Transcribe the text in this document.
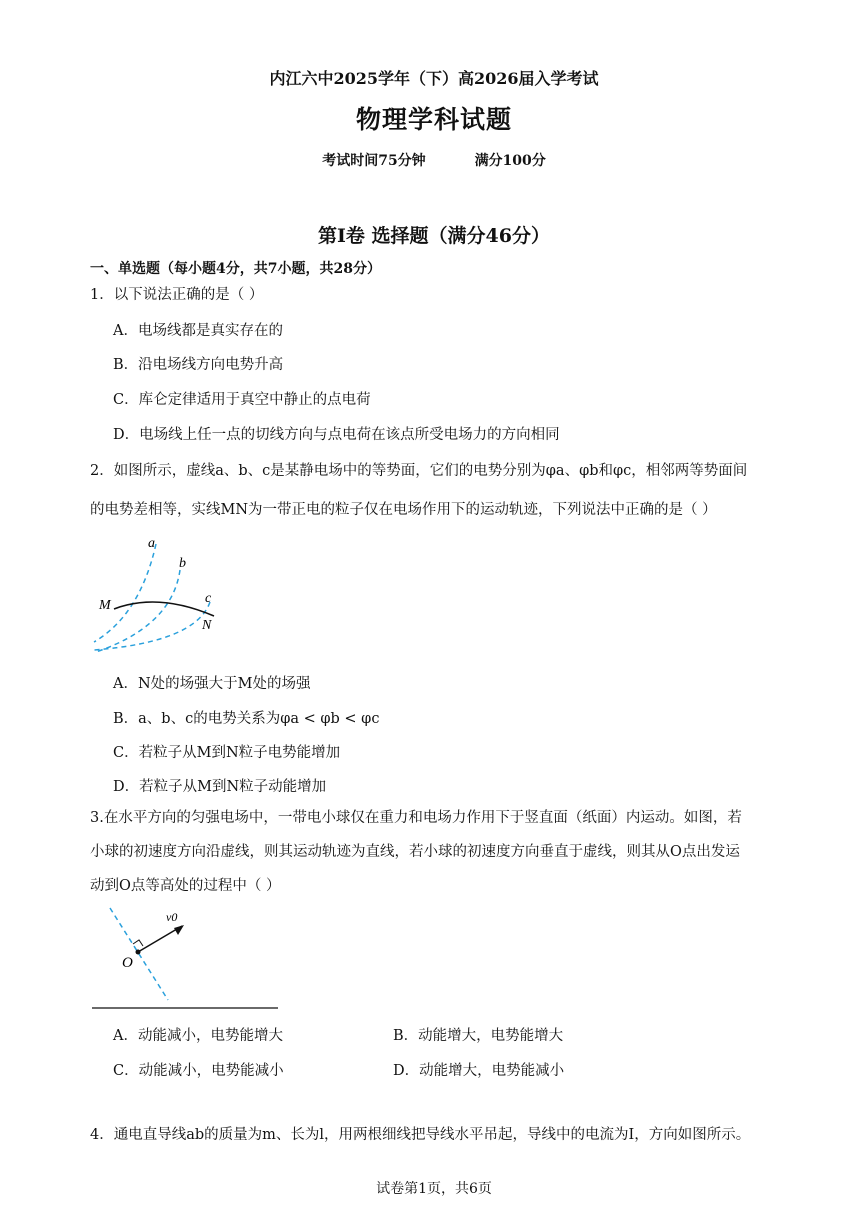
内江六中2025学年（下）高2026届入学考试
物理学科试题
考试时间75分钟	满分100分
第Ⅰ卷 选择题（满分46分）
一、单选题（每小题4分，共7小题，共28分）
1．以下说法正确的是（ ）
A．电场线都是真实存在的
B．沿电场线方向电势升高
C．库仑定律适用于真空中静止的点电荷
D．电场线上任一点的切线方向与点电荷在该点所受电场力的方向相同
2．如图所示，虚线a、b、c是某静电场中的等势面，它们的电势分别为φa、φb和φc，相邻两等势面间
的电势差相等，实线MN为一带正电的粒子仅在电场作用下的运动轨迹，下列说法中正确的是（ ）
a
b
c
M
N
A．N处的场强大于M处的场强
B．a、b、c的电势关系为φa < φb < φc
C．若粒子从M到N粒子电势能增加
D．若粒子从M到N粒子动能增加
3.在水平方向的匀强电场中，一带电小球仅在重力和电场力作用下于竖直面（纸面）内运动。如图，若
小球的初速度方向沿虚线，则其运动轨迹为直线，若小球的初速度方向垂直于虚线，则其从O点出发运
动到O点等高处的过程中（ ）
v0
O
A．动能减小，电势能增大	B．动能增大，电势能增大
C．动能减小，电势能减小	D．动能增大，电势能减小
4．通电直导线ab的质量为m、长为l，用两根细线把导线水平吊起，导线中的电流为I，方向如图所示。
试卷第1页，共6页
